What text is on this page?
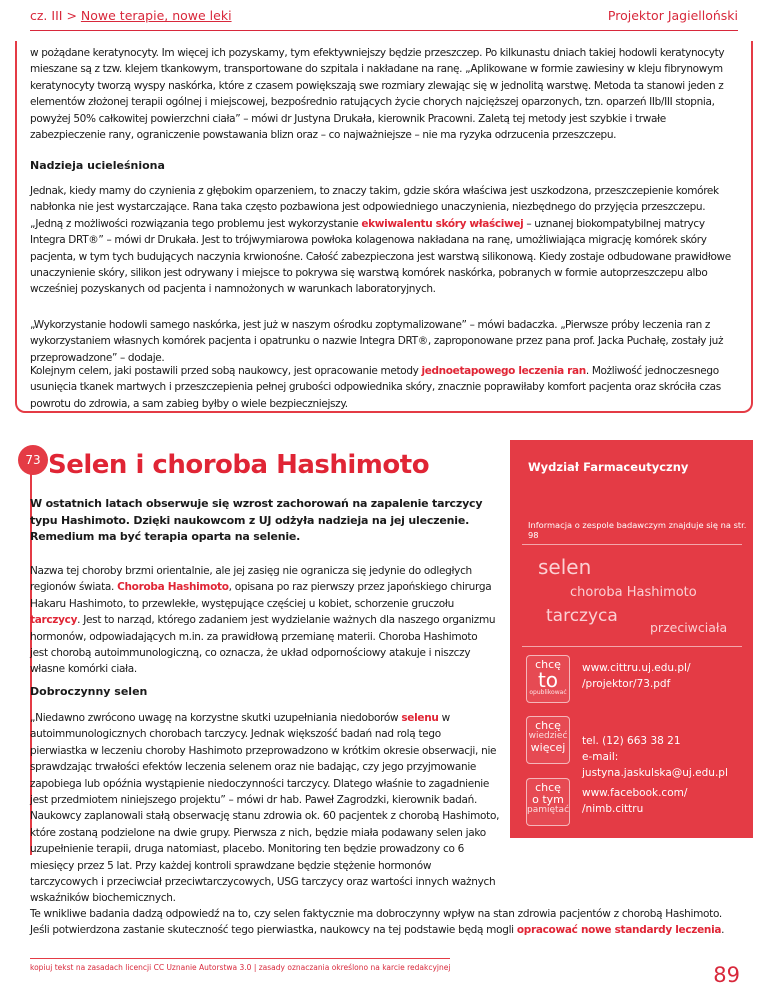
cz. III > Nowe terapie, nowe leki	Projektor Jagielloński

w pożądane keratynocyty. Im więcej ich pozyskamy, tym efektywniejszy będzie przeszczep. Po kilkunastu dniach takiej hodowli keratynocyty mieszane są z tzw. klejem tkankowym, transportowane do szpitala i nakładane na ranę. „Aplikowane w formie zawiesiny w kleju fibrynowym keratynocyty tworzą wyspy naskórka, które z czasem powiększają swe rozmiary zlewając się w jednolitą warstwę. Metoda ta stanowi jeden z elementów złożonej terapii ogólnej i miejscowej, bezpośrednio ratujących życie chorych najcięższej oparzonych, tzn. oparzeń IIb/III stopnia, powyżej 50% całkowitej powierzchni ciała” – mówi dr Justyna Drukała, kierownik Pracowni. Zaletą tej metody jest szybkie i trwałe zabezpieczenie rany, ograniczenie powstawania blizn oraz – co najważniejsze – nie ma ryzyka odrzucenia przeszczepu.

Nadzieja ucieleśniona

Jednak, kiedy mamy do czynienia z głębokim oparzeniem, to znaczy takim, gdzie skóra właściwa jest uszkodzona, przeszczepienie komórek nabłonka nie jest wystarczające. Rana taka często pozbawiona jest odpowiedniego unaczynienia, niezbędnego do przyjęcia przeszczepu. „Jedną z możliwości rozwiązania tego problemu jest wykorzystanie ekwiwalentu skóry właściwej – uznanej biokompatybilnej matrycy Integra DRT®” – mówi dr Drukała. Jest to trójwymiarowa powłoka kolagenowa nakładana na ranę, umożliwiająca migrację komórek skóry pacjenta, w tym tych budujących naczynia krwionośne. Całość zabezpieczona jest warstwą silikonową. Kiedy zostaje odbudowane prawidłowe unaczynienie skóry, silikon jest odrywany i miejsce to pokrywa się warstwą komórek naskórka, pobranych w formie autoprzeszczepu albo wcześniej pozyskanych od pacjenta i namnożonych w warunkach laboratoryjnych.

„Wykorzystanie hodowli samego naskórka, jest już w naszym ośrodku zoptymalizowane” – mówi badaczka. „Pierwsze próby leczenia ran z wykorzystaniem własnych komórek pacjenta i opatrunku o nazwie Integra DRT®, zaproponowane przez pana prof. Jacka Puchałę, zostały już przeprowadzone” – dodaje.

Kolejnym celem, jaki postawili przed sobą naukowcy, jest opracowanie metody jednoetapowego leczenia ran. Możliwość jednoczesnego usunięcia tkanek martwych i przeszczepienia pełnej grubości odpowiednika skóry, znacznie poprawiłaby komfort pacjenta oraz skróciła czas powrotu do zdrowia, a sam zabieg byłby o wiele bezpieczniejszy.

73 Selen i choroba Hashimoto

W ostatnich latach obserwuje się wzrost zachorowań na zapalenie tarczycy typu Hashimoto. Dzięki naukowcom z UJ odżyła nadzieja na jej uleczenie. Remedium ma być terapia oparta na selenie.

Nazwa tej choroby brzmi orientalnie, ale jej zasięg nie ogranicza się jedynie do odległych regionów świata. Choroba Hashimoto, opisana po raz pierwszy przez japońskiego chirurga Hakaru Hashimoto, to przewlekłe, występujące częściej u kobiet, schorzenie gruczołu tarczycy. Jest to narząd, którego zadaniem jest wydzielanie ważnych dla naszego organizmu hormonów, odpowiadających m.in. za prawidłową przemianę materii. Choroba Hashimoto jest chorobą autoimmunologiczną, co oznacza, że układ odpornościowy atakuje i niszczy własne komórki ciała.

Dobroczynny selen

„Niedawno zwrócono uwagę na korzystne skutki uzupełniania niedoborów selenu w autoimmunologicznych chorobach tarczycy. Jednak większość badań nad rolą tego pierwiastka w leczeniu choroby Hashimoto przeprowadzono w krótkim okresie obserwacji, nie sprawdzając trwałości efektów leczenia selenem oraz nie badając, czy jego przyjmowanie zapobiega lub opóźnia wystąpienie niedoczynności tarczycy. Dlatego właśnie to zagadnienie jest przedmiotem niniejszego projektu” – mówi dr hab. Paweł Zagrodzki, kierownik badań. Naukowcy zaplanowali stałą obserwację stanu zdrowia ok. 60 pacjentek z chorobą Hashimoto, które zostaną podzielone na dwie grupy. Pierwsza z nich, będzie miała podawany selen jako uzupełnienie terapii, druga natomiast, placebo. Monitoring ten będzie prowadzony co 6 miesięcy przez 5 lat. Przy każdej kontroli sprawdzane będzie stężenie hormonów tarczycowych i przeciwciał przeciwtarczycowych, USG tarczycy oraz wartości innych ważnych wskaźników biochemicznych.

Te wnikliwe badania dadzą odpowiedź na to, czy selen faktycznie ma dobroczynny wpływ na stan zdrowia pacjentów z chorobą Hashimoto. Jeśli potwierdzona zastanie skuteczność tego pierwiastka, naukowcy na tej podstawie będą mogli opracować nowe standardy leczenia.

Wydział Farmaceutyczny
Informacja o zespole badawczym znajduje się na str. 98
selen
choroba Hashimoto
tarczyca
przeciwciała
chcę
to
opublikować
www.cittru.uj.edu.pl/
/projektor/73.pdf
chcę
wiedzieć
więcej	tel. (12) 663 38 21
e-mail:
justyna.jaskulska@uj.edu.pl
chcę
o tym
pamiętać
www.facebook.com/
/nimb.cittru
kopiuj tekst na zasadach licencji CC Uznanie Autorstwa 3.0 | zasady oznaczania określono na karcie redakcyjnej	89
